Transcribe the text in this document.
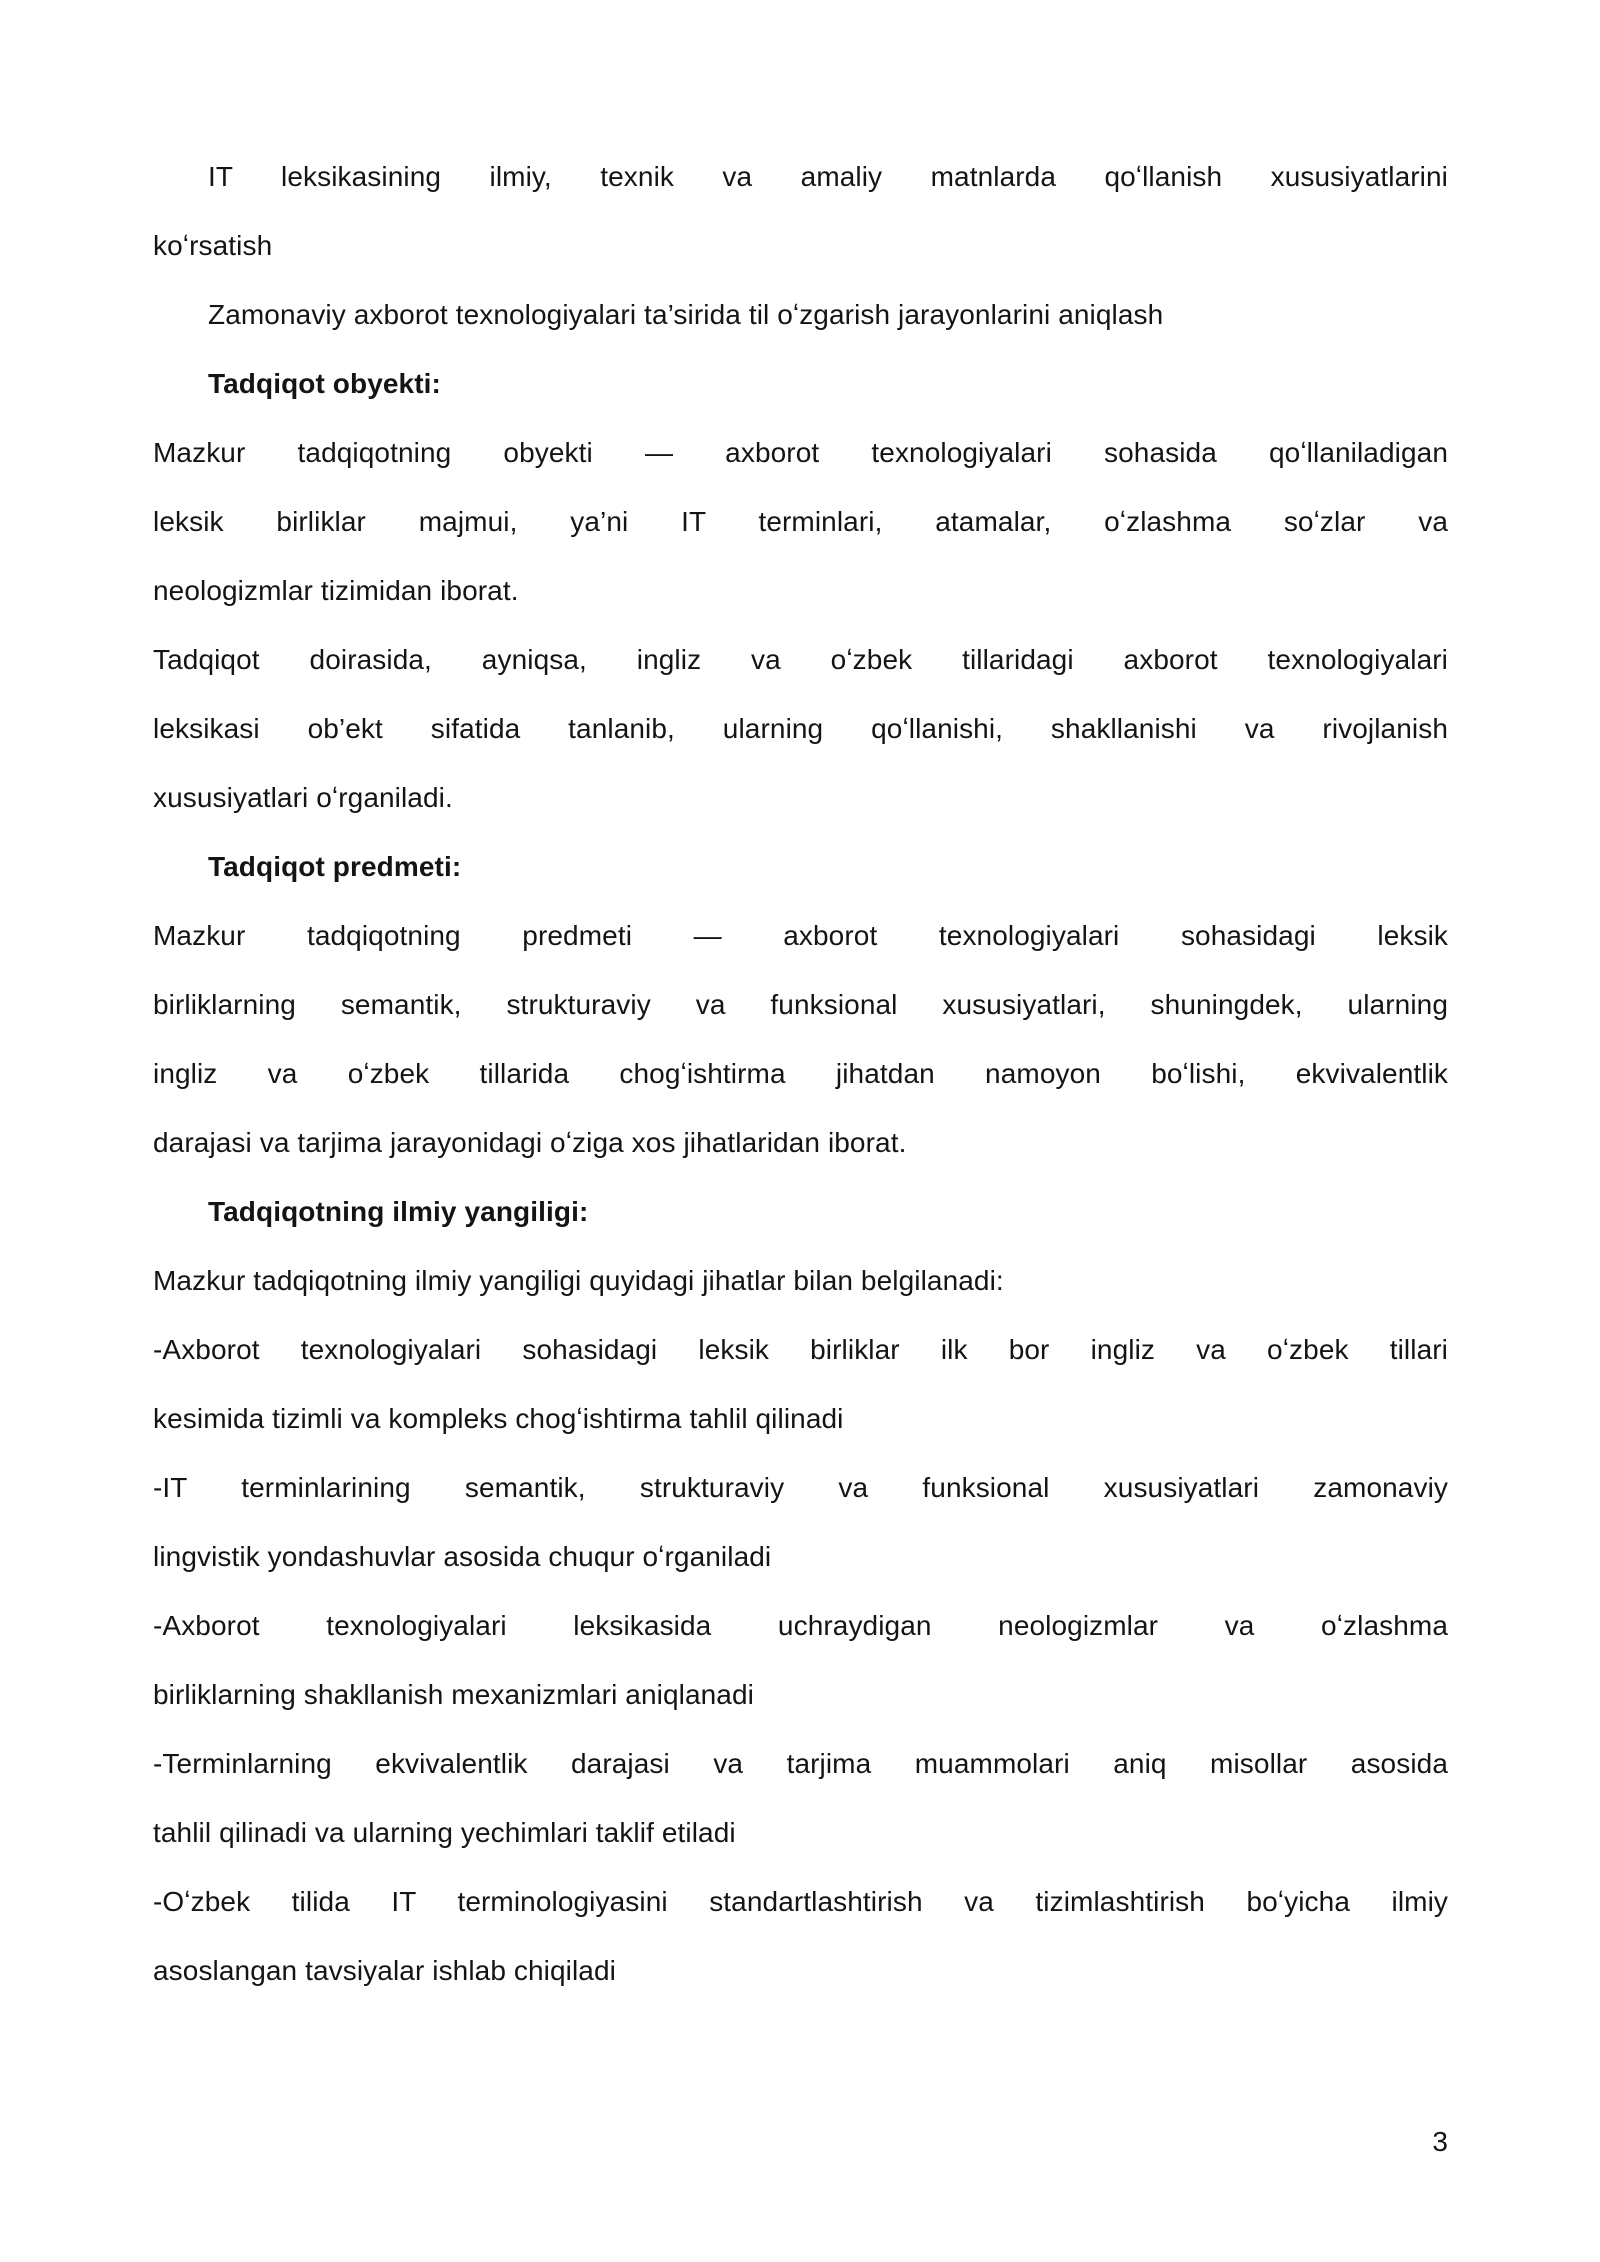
IT leksikasining ilmiy, texnik va amaliy matnlarda qoʻllanish xususiyatlarini
koʻrsatish
Zamonaviy axborot texnologiyalari ta’sirida til oʻzgarish jarayonlarini aniqlash
Tadqiqot obyekti:
Mazkur tadqiqotning obyekti — axborot texnologiyalari sohasida qoʻllaniladigan
leksik birliklar majmui, ya’ni IT terminlari, atamalar, oʻzlashma soʻzlar va
neologizmlar tizimidan iborat.
Tadqiqot doirasida, ayniqsa, ingliz va oʻzbek tillaridagi axborot texnologiyalari
leksikasi ob’ekt sifatida tanlanib, ularning qoʻllanishi, shakllanishi va rivojlanish
xususiyatlari oʻrganiladi.
Tadqiqot predmeti:
Mazkur tadqiqotning predmeti — axborot texnologiyalari sohasidagi leksik
birliklarning semantik, strukturaviy va funksional xususiyatlari, shuningdek, ularning
ingliz va oʻzbek tillarida chogʻishtirma jihatdan namoyon boʻlishi, ekvivalentlik
darajasi va tarjima jarayonidagi oʻziga xos jihatlaridan iborat.
Tadqiqotning ilmiy yangiligi:
Mazkur tadqiqotning ilmiy yangiligi quyidagi jihatlar bilan belgilanadi:
-Axborot texnologiyalari sohasidagi leksik birliklar ilk bor ingliz va oʻzbek tillari
kesimida tizimli va kompleks chogʻishtirma tahlil qilinadi
-IT terminlarining semantik, strukturaviy va funksional xususiyatlari zamonaviy
lingvistik yondashuvlar asosida chuqur oʻrganiladi
-Axborot texnologiyalari leksikasida uchraydigan neologizmlar va oʻzlashma
birliklarning shakllanish mexanizmlari aniqlanadi
-Terminlarning ekvivalentlik darajasi va tarjima muammolari aniq misollar asosida
tahlil qilinadi va ularning yechimlari taklif etiladi
-Oʻzbek tilida IT terminologiyasini standartlashtirish va tizimlashtirish boʻyicha ilmiy
asoslangan tavsiyalar ishlab chiqiladi
3
